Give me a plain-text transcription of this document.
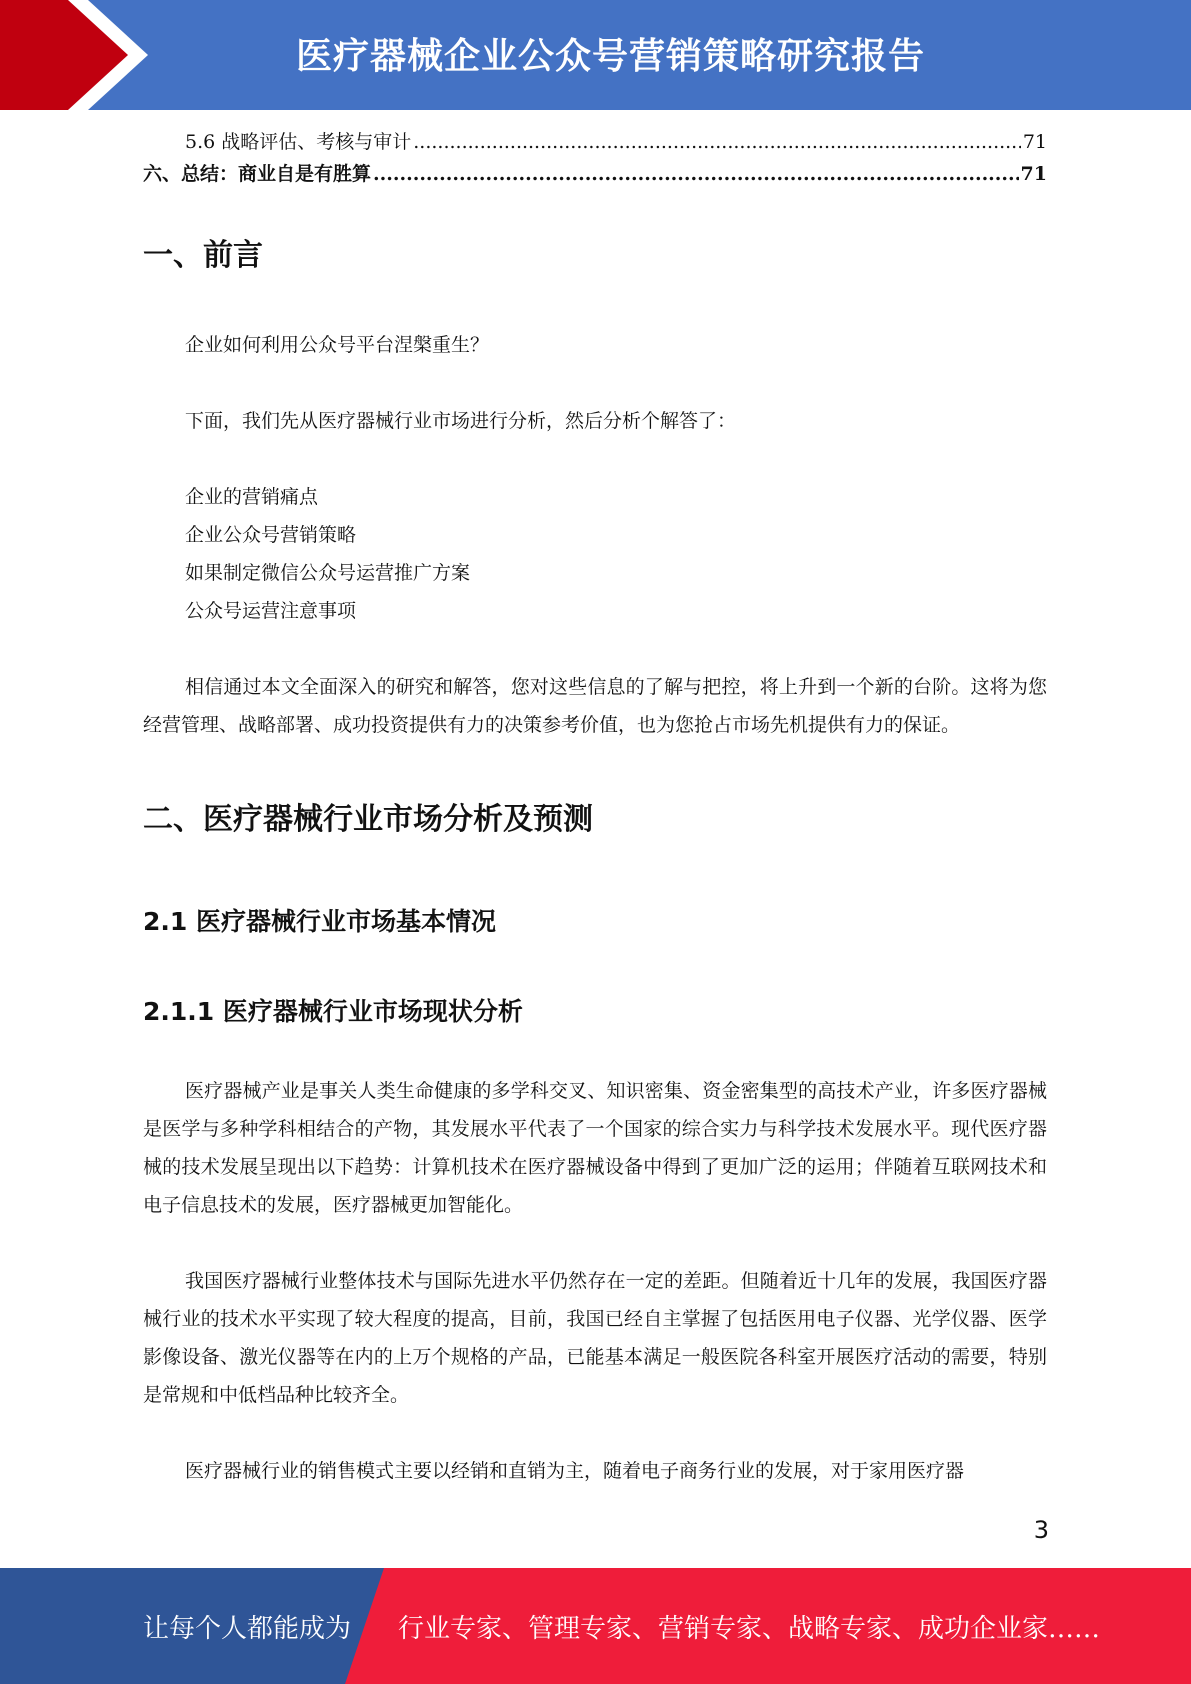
医疗器械企业公众号营销策略研究报告
5.6 战略评估、考核与审计 .....	71
六、总结：商业自是有胜算 .....	71
一、前言

企业如何利用公众号平台涅槃重生？

下面，我们先从医疗器械行业市场进行分析，然后分析个解答了：

企业的营销痛点
企业公众号营销策略
如果制定微信公众号运营推广方案
公众号运营注意事项

相信通过本文全面深入的研究和解答，您对这些信息的了解与把控，将上升到一个新的台阶。这将为您经营管理、战略部署、成功投资提供有力的决策参考价值，也为您抢占市场先机提供有力的保证。

二、医疗器械行业市场分析及预测
2.1 医疗器械行业市场基本情况
2.1.1 医疗器械行业市场现状分析

医疗器械产业是事关人类生命健康的多学科交叉、知识密集、资金密集型的高技术产业，许多医疗器械是医学与多种学科相结合的产物，其发展水平代表了一个国家的综合实力与科学技术发展水平。现代医疗器械的技术发展呈现出以下趋势：计算机技术在医疗器械设备中得到了更加广泛的运用；伴随着互联网技术和电子信息技术的发展，医疗器械更加智能化。

我国医疗器械行业整体技术与国际先进水平仍然存在一定的差距。但随着近十几年的发展，我国医疗器械行业的技术水平实现了较大程度的提高，目前，我国已经自主掌握了包括医用电子仪器、光学仪器、医学影像设备、激光仪器等在内的上万个规格的产品，已能基本满足一般医院各科室开展医疗活动的需要，特别是常规和中低档品种比较齐全。

医疗器械行业的销售模式主要以经销和直销为主，随着电子商务行业的发展，对于家用医疗器

3
让每个人都能成为 行业专家、管理专家、营销专家、战略专家、成功企业家……
